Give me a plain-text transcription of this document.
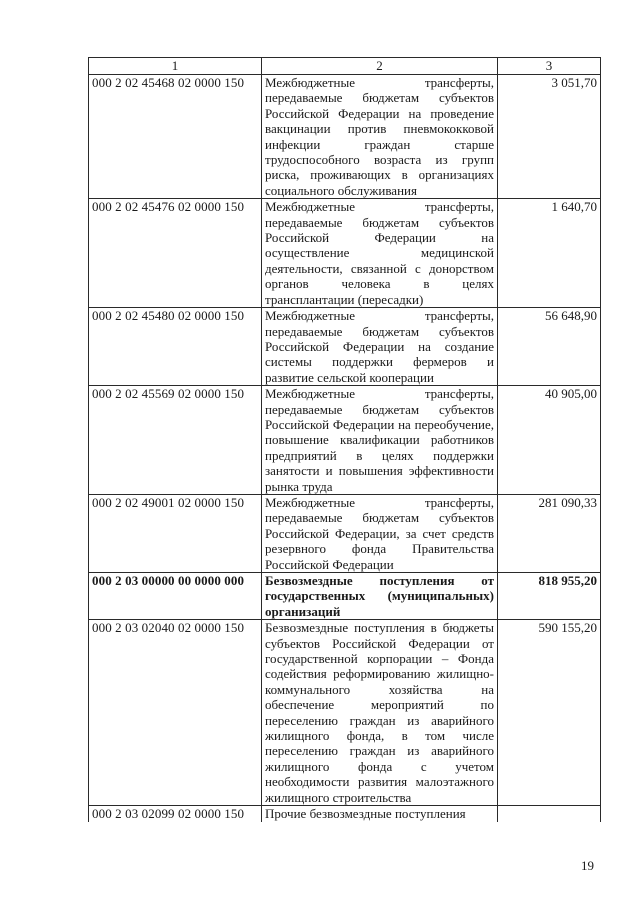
1	2	3
000 2 02 45468 02 0000 150	Межбюджетные трансферты, передаваемые бюджетам субъектов Российской Федерации на проведение вакцинации против пневмококковой инфекции граждан старше трудоспособного возраста из групп риска, проживающих в организациях социального обслуживания	3 051,70
000 2 02 45476 02 0000 150	Межбюджетные трансферты, передаваемые бюджетам субъектов Российской Федерации на осуществление медицинской деятельности, связанной с донорством органов человека в целях трансплантации (пересадки)	1 640,70
000 2 02 45480 02 0000 150	Межбюджетные трансферты, передаваемые бюджетам субъектов Российской Федерации на создание системы поддержки фермеров и развитие сельской кооперации	56 648,90
000 2 02 45569 02 0000 150	Межбюджетные трансферты, передаваемые бюджетам субъектов Российской Федерации на переобучение, повышение квалификации работников предприятий в целях поддержки занятости и повышения эффективности рынка труда	40 905,00
000 2 02 49001 02 0000 150	Межбюджетные трансферты, передаваемые бюджетам субъектов Российской Федерации, за счет средств резервного фонда Правительства Российской Федерации	281 090,33
000 2 03 00000 00 0000 000	Безвозмездные поступления от государственных (муниципальных) организаций	818 955,20
000 2 03 02040 02 0000 150	Безвозмездные поступления в бюджеты субъектов Российской Федерации от государственной корпорации – Фонда содействия реформированию жилищно-коммунального хозяйства на обеспечение мероприятий по переселению граждан из аварийного жилищного фонда, в том числе переселению граждан из аварийного жилищного фонда с учетом необходимости развития малоэтажного жилищного строительства	590 155,20
000 2 03 02099 02 0000 150	Прочие безвозмездные поступления	
19
